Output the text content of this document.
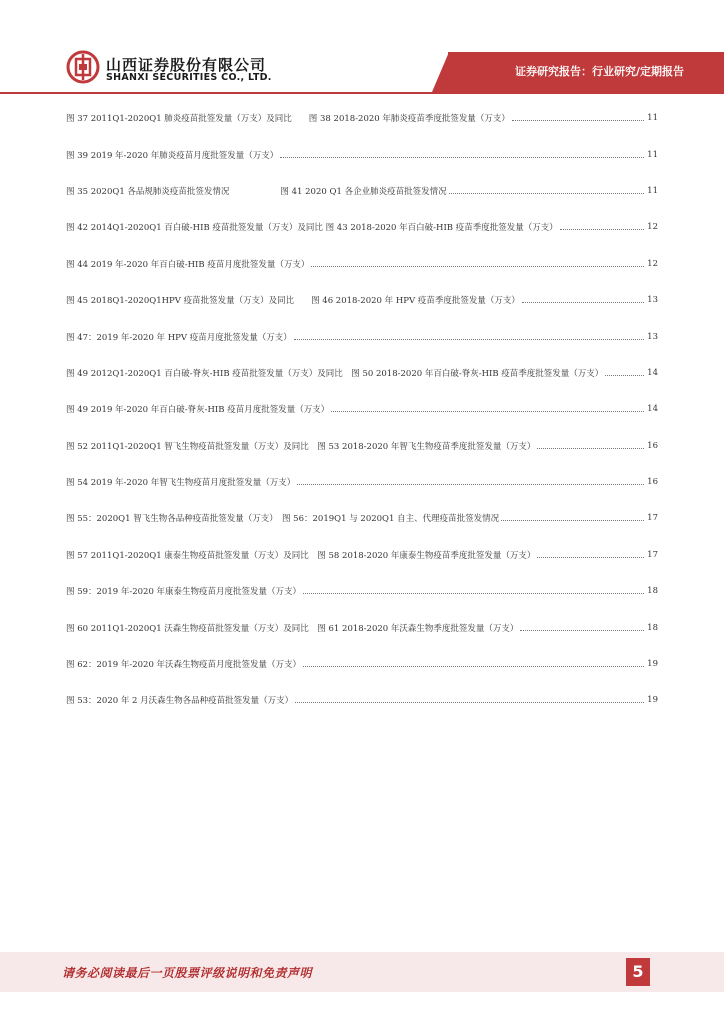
山西证券股份有限公司
SHANXI SECURITIES CO., LTD.	证券研究报告：行业研究/定期报告
图 37 2011Q1-2020Q1 肺炎疫苗批签发量（万支）及同比　　图 38 2018-2020 年肺炎疫苗季度批签发量（万支）	11
图 39 2019 年-2020 年肺炎疫苗月度批签发量（万支）	11
图 35 2020Q1 各品规肺炎疫苗批签发情况　　　　　　图 41 2020 Q1 各企业肺炎疫苗批签发情况	11
图 42 2014Q1-2020Q1 百白破-HIB 疫苗批签发量（万支）及同比 图 43 2018-2020 年百白破-HIB 疫苗季度批签发量（万支）	12
图 44 2019 年-2020 年百白破-HIB 疫苗月度批签发量（万支）	12
图 45 2018Q1-2020Q1HPV 疫苗批签发量（万支）及同比　　图 46 2018-2020 年 HPV 疫苗季度批签发量（万支）	13
图 47：2019 年-2020 年 HPV 疫苗月度批签发量（万支）	13
图 49 2012Q1-2020Q1 百白破-脊灰-HIB 疫苗批签发量（万支）及同比　图 50 2018-2020 年百白破-脊灰-HIB 疫苗季度批签发量（万支）	14
图 49 2019 年-2020 年百白破-脊灰-HIB 疫苗月度批签发量（万支）	14
图 52 2011Q1-2020Q1 智飞生物疫苗批签发量（万支）及同比　图 53 2018-2020 年智飞生物疫苗季度批签发量（万支）	16
图 54 2019 年-2020 年智飞生物疫苗月度批签发量（万支）	16
图 55：2020Q1 智飞生物各品种疫苗批签发量（万支）　图 56：2019Q1 与 2020Q1 自主、代理疫苗批签发情况	17
图 57 2011Q1-2020Q1 康泰生物疫苗批签发量（万支）及同比　图 58 2018-2020 年康泰生物疫苗季度批签发量（万支）	17
图 59：2019 年-2020 年康泰生物疫苗月度批签发量（万支）	18
图 60 2011Q1-2020Q1 沃森生物疫苗批签发量（万支）及同比　图 61 2018-2020 年沃森生物季度批签发量（万支）	18
图 62：2019 年-2020 年沃森生物疫苗月度批签发量（万支）	19
图 53：2020 年 2 月沃森生物各品种疫苗批签发量（万支）	19
请务必阅读最后一页股票评级说明和免责声明	5
